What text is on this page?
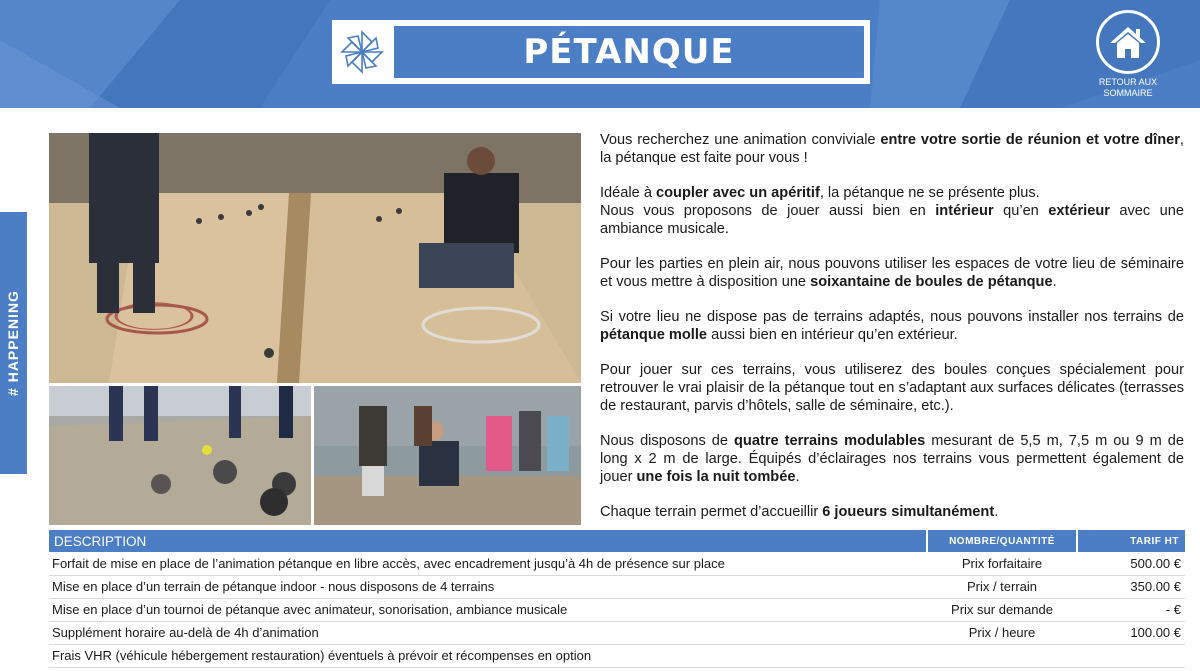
PÉTANQUE
RETOUR AUX
SOMMAIRE
# HAPPENING

Vous recherchez une animation conviviale entre votre sortie de réunion et votre dîner, la pétanque est faite pour vous !

Idéale à coupler avec un apéritif, la pétanque ne se présente plus.
Nous vous proposons de jouer aussi bien en intérieur qu’en extérieur avec une ambiance musicale.

Pour les parties en plein air, nous pouvons utiliser les espaces de votre lieu de séminaire et vous mettre à disposition une soixantaine de boules de pétanque.

Si votre lieu ne dispose pas de terrains adaptés, nous pouvons installer nos terrains de pétanque molle aussi bien en intérieur qu’en extérieur.

Pour jouer sur ces terrains, vous utiliserez des boules conçues spécialement pour retrouver le vrai plaisir de la pétanque tout en s’adaptant aux surfaces délicates (terrasses de restaurant, parvis d’hôtels, salle de séminaire, etc.).

Nous disposons de quatre terrains modulables mesurant de 5,5 m, 7,5 m ou 9 m de long x 2 m de large. Équipés d’éclairages nos terrains vous permettent également de jouer une fois la nuit tombée.

Chaque terrain permet d’accueillir 6 joueurs simultanément.

DESCRIPTION	NOMBRE/QUANTITÉ	TARIF HT
Forfait de mise en place de l’animation pétanque en libre accès, avec encadrement jusqu’à 4h de présence sur place	Prix forfaitaire	500.00 €
Mise en place d’un terrain de pétanque indoor - nous disposons de 4 terrains	Prix / terrain	350.00 €
Mise en place d’un tournoi de pétanque avec animateur, sonorisation, ambiance musicale	Prix sur demande	- €
Supplément horaire au-delà de 4h d’animation	Prix / heure	100.00 €
Frais VHR (véhicule hébergement restauration) éventuels à prévoir et récompenses en option		
